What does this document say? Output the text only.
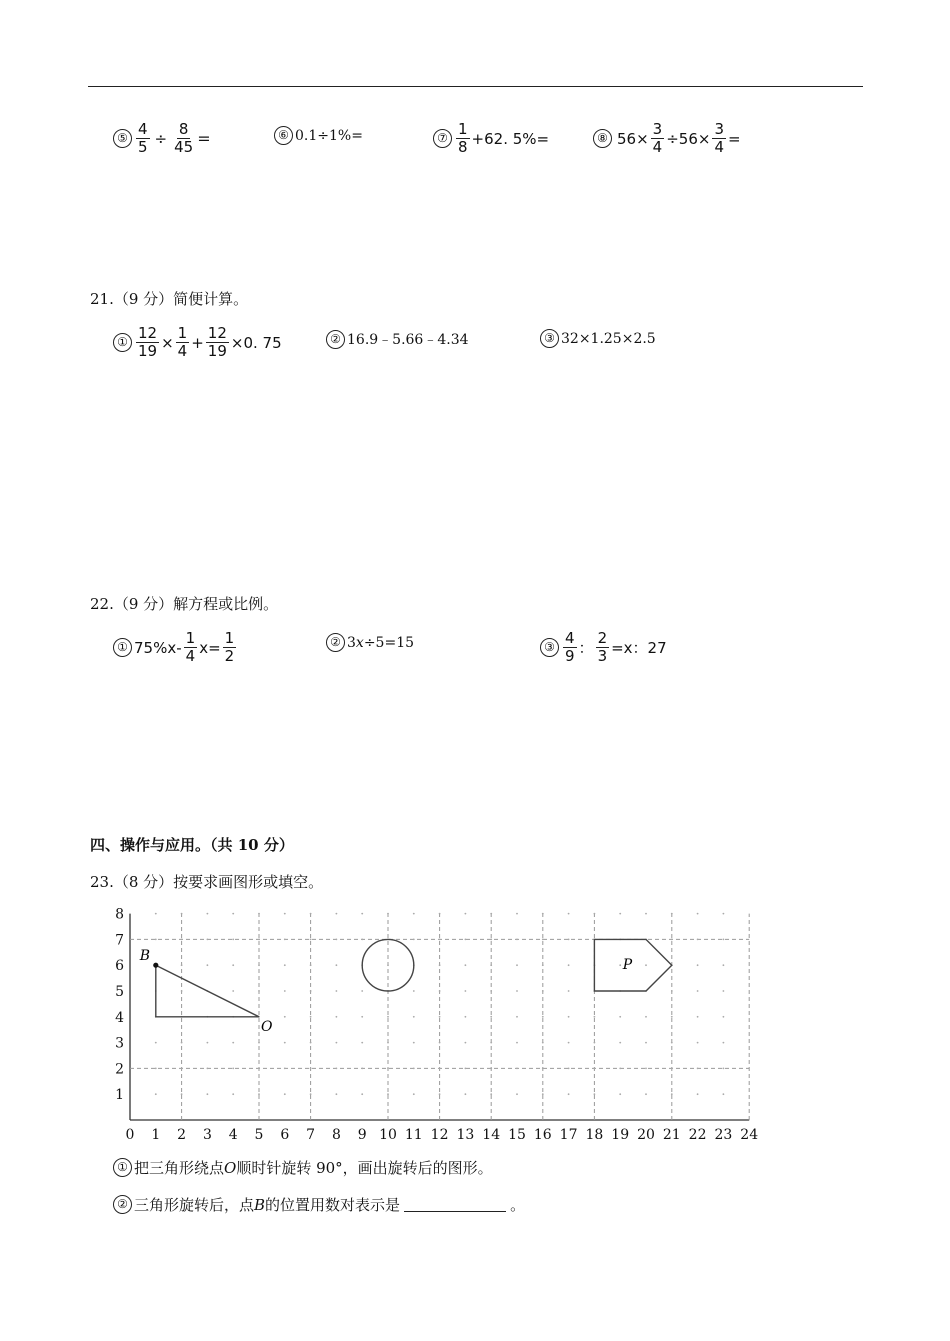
⑤ $\frac{4}{5} \div \frac{8}{45}$ =	⑥ 0.1÷1%=	⑦ $\frac{1}{8} +62$. 5%=	⑧ $56\times \frac{3}{4} \div 56\times \frac{3}{4}$ =
21.（9 分）简便计算。
① $\frac{12}{19} \times \frac{1}{4} + \frac{12}{19} \times 0$. 75	② 16.9﹣5.66﹣4.34	③ 32×1.25×2.5
22.（9 分）解方程或比例。
① $75\%x- \frac{1}{4} x= \frac{1}{2}$	② 3 x ÷5=15	③ $\frac{4}{9}$ ： $\frac{2}{3} =x$：27
四、操作与应用。（共 10 分）
23.（8 分）按要求画图形或填空。
0 1 2 3 4 5 6 7 8 9 10 11 12 13 14 15 16 17 18 19 20 21 22 23 24
1
2
3
4
5
6
7
8
B
O
P
① 把三角形绕点 O 顺时针旋转 90°，画出旋转后的图形。
② 三角形旋转后，点 B 的位置用数对表示是	。
